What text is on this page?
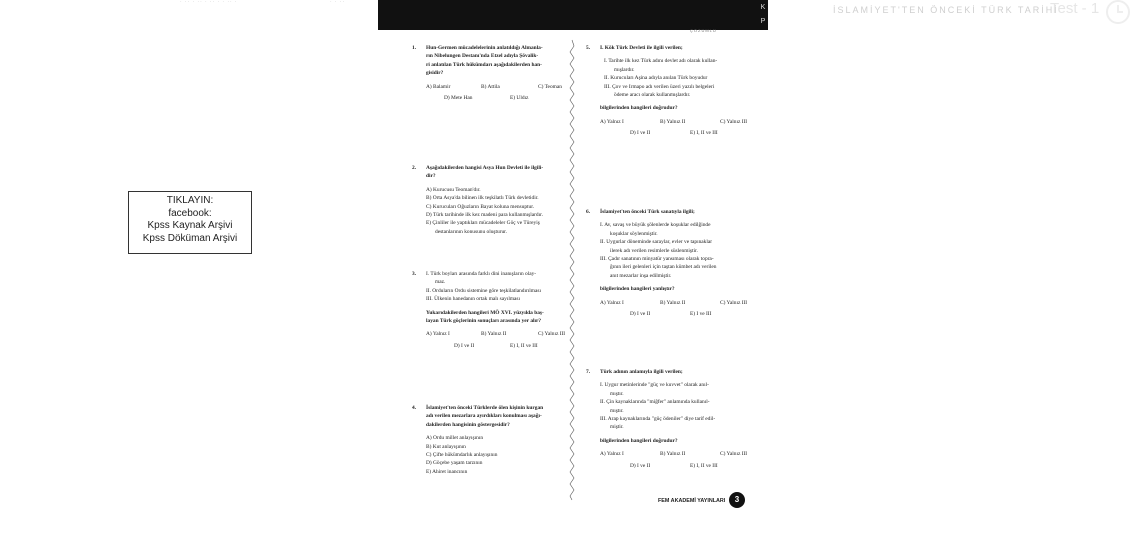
K
P
İSLAMİYET'TEN ÖNCEKİ TÜRK TARİHİ
Test - 1
ÇÖZÜMLÜ
· ·· · ·· · ·· · · ·· ·	· · ··
TIKLAYIN:
facebook:
Kpss Kaynak Arşivi
Kpss Döküman Arşivi
1. Hun-Germen mücadelelerinin anlatıldığı Almanla-
rın Nibelungen Destanı'nda Etzel adıyla Şövalik-
ri anlatılan Türk hükümdarı aşağıdakilerden han-
gisidir?
A) Balamir	B) Attila	C) Teoman
D) Mete Han	E) Uldız
2. Aşağıdakilerden hangisi Asya Hun Devleti ile ilgili-
dir?
A) Kurucusu Teoman'dır.
B) Orta Asya'da bilinen ilk teşkilatlı Türk devletidir.
C) Kurucuları Oğuzların Bayat koluna mensuptur.
D) Türk tarihinde ilk kez madeni para kullanmışlardır.
E) Çinliler ile yaptıkları mücadeleler Göç ve Türeyiş
destanlarının konusunu oluşturur.
3. I. Türk boyları arasında farklı dini inanışların olay-
maz.
II. Orduların Ordu sistemine göre teşkilatlandırılması
III. Ülkenin hanedanın ortak malı sayılması
Yukarıdakilerden hangileri MÖ XVI. yüzyılda baş-
layan Türk göçlerinin sonuçları arasında yer alır?
A) Yalnız I	B) Yalnız II	C) Yalnız III
D) I ve II	E) I, II ve III
4. İslamiyet'ten önceki Türklerde ölen kişinin kurgan
adı verilen mezarlara ayırdıkları konulması aşağı-
dakilerden hangisinin göstergesidir?
A) Ordu millet anlayışının
B) Kut anlayışının
C) Çifte hükümdarlık anlayışının
D) Göçebe yaşam tarzının
E) Ahiret inancının
5. I. Kök Türk Devleti ile ilgili verilen;
I. Tarihte ilk kez Türk adını devlet adı olarak kullan-
mışlardır.
II. Kurucuları Aşina adıyla anılan Türk boyudur
III. Çov ve Irmapo adı verilen üzeri yazılı belgeleri
ödeme aracı olarak kullanmışlardır.
bilgilerinden hangileri doğrudur?
A) Yalnız I	B) Yalnız II	C) Yalnız III
D) I ve II	E) I, II ve III
6. İslamiyet'ten önceki Türk sanatıyla ilgili;
I. Av, savaş ve büyük şölenlerde koşuklar edilğinde
koşuklar söylenmiştir.
II. Uygurlar döneminde saraylar, evler ve tapınaklar
ilerek adı verilen resimlerle süslenmiştir.
III. Çadır sanatının minyatür yansıması olarak topra-
ğının ileri gelenleri için taştan kümbet adı verilen
anıt mezarlar inşa edilmiştir.
bilgilerinden hangileri yanlıştır?
A) Yalnız I	B) Yalnız II	C) Yalnız III
D) I ve II	E) I ve III
7. Türk adının anlamıyla ilgili verilen;
I. Uygur metinlerinde "güç ve kuvvet" olarak anıl-
mıştır.
II. Çin kaynaklarında "miğfer" anlamında kullanıl-
mıştır.
III. Arap kaynaklarında "güç ödeniler" diye tarif edil-
miştir.
bilgilerinden hangileri doğrudur?
A) Yalnız I	B) Yalnız II	C) Yalnız III
D) I ve II	E) I, II ve III
FEM AKADEMİ YAYINLARI	3
